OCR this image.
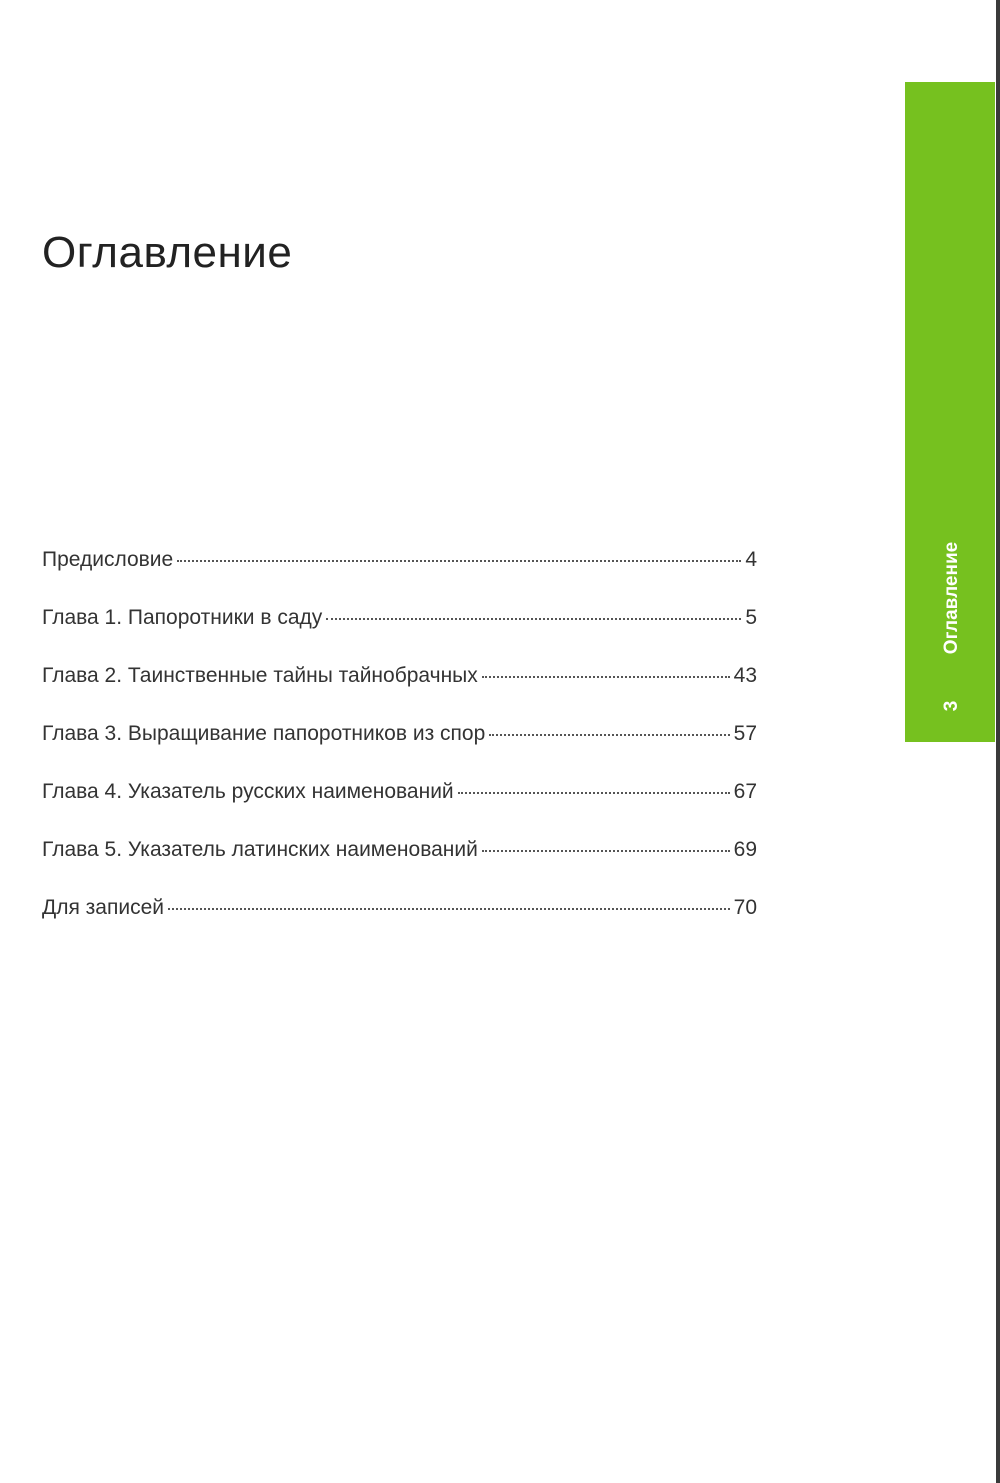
Оглавление
Предисловие	4
Глава 1. Папоротники в саду	5
Глава 2. Таинственные тайны тайнобрачных	43
Глава 3. Выращивание папоротников из спор	57
Глава 4. Указатель русских наименований	67
Глава 5. Указатель латинских наименований	69
Для записей	70
Оглавление
3
